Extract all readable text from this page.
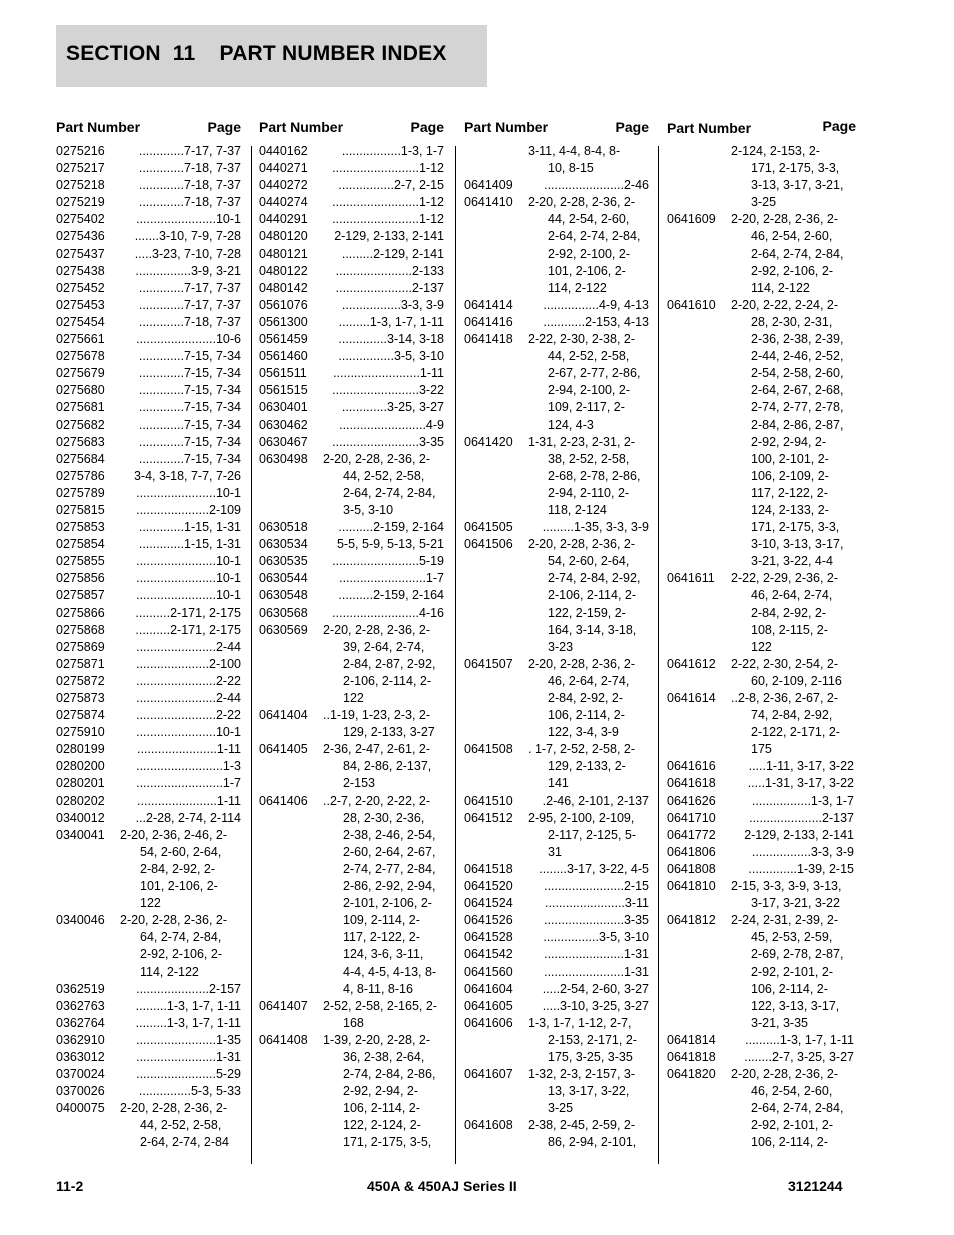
SECTION  11    PART NUMBER INDEX
Part Number	Page Part Number	Page Part Number	Page Part Number	Page
0275216	.............7-17, 7-37
0275217	.............7-18, 7-37
0275218	.............7-18, 7-37
0275219	.............7-18, 7-37
0275402	.......................10-1
0275436	.......3-10, 7-9, 7-28
0275437	.....3-23, 7-10, 7-28
0275438	................3-9, 3-21
0275452	.............7-17, 7-37
0275453	.............7-17, 7-37
0275454	.............7-18, 7-37
0275661	.......................10-6
0275678	.............7-15, 7-34
0275679	.............7-15, 7-34
0275680	.............7-15, 7-34
0275681	.............7-15, 7-34
0275682	.............7-15, 7-34
0275683	.............7-15, 7-34
0275684	.............7-15, 7-34
0275786	3-4, 3-18, 7-7, 7-26
0275789	.......................10-1
0275815	.....................2-109
0275853	.............1-15, 1-31
0275854	.............1-15, 1-31
0275855	.......................10-1
0275856	.......................10-1
0275857	.......................10-1
0275866	..........2-171, 2-175
0275868	..........2-171, 2-175
0275869	.......................2-44
0275871	.....................2-100
0275872	.......................2-22
0275873	.......................2-44
0275874	.......................2-22
0275910	.......................10-1
0280199	.......................1-11
0280200	.........................1-3
0280201	.........................1-7
0280202	.......................1-11
0340012	...2-28, 2-74, 2-114
0340041 2-20, 2-36, 2-46, 2-
54, 2-60, 2-64,
2-84, 2-92, 2-
101, 2-106, 2-
122
0340046 2-20, 2-28, 2-36, 2-
64, 2-74, 2-84,
2-92, 2-106, 2-
114, 2-122
0362519	.....................2-157
0362763	.........1-3, 1-7, 1-11
0362764	.........1-3, 1-7, 1-11
0362910	.......................1-35
0363012	.......................1-31
0370024	.......................5-29
0370026	...............5-3, 5-33
0400075 2-20, 2-28, 2-36, 2-
44, 2-52, 2-58,
2-64, 2-74, 2-84
0440162	.................1-3, 1-7
0440271	.........................1-12
0440272	................2-7, 2-15
0440274	.........................1-12
0440291	.........................1-12
0480120	2-129, 2-133, 2-141
0480121	.........2-129, 2-141
0480122	......................2-133
0480142	......................2-137
0561076	.................3-3, 3-9
0561300	.........1-3, 1-7, 1-11
0561459	..............3-14, 3-18
0561460	................3-5, 3-10
0561511	.........................1-11
0561515	.........................3-22
0630401	.............3-25, 3-27
0630462	.........................4-9
0630467	.........................3-35
0630498 2-20, 2-28, 2-36, 2-
44, 2-52, 2-58,
2-64, 2-74, 2-84,
3-5, 3-10
0630518	..........2-159, 2-164
0630534	5-5, 5-9, 5-13, 5-21
0630535	.........................5-19
0630544	.........................1-7
0630548	..........2-159, 2-164
0630568	.........................4-16
0630569 2-20, 2-28, 2-36, 2-
39, 2-64, 2-74,
2-84, 2-87, 2-92,
2-106, 2-114, 2-
122
0641404 ..1-19, 1-23, 2-3, 2-
129, 2-133, 3-27
0641405 2-36, 2-47, 2-61, 2-
84, 2-86, 2-137,
2-153
0641406 ..2-7, 2-20, 2-22, 2-
28, 2-30, 2-36,
2-38, 2-46, 2-54,
2-60, 2-64, 2-67,
2-74, 2-77, 2-84,
2-86, 2-92, 2-94,
2-101, 2-106, 2-
109, 2-114, 2-
117, 2-122, 2-
124, 3-6, 3-11,
4-4, 4-5, 4-13, 8-
4, 8-11, 8-16
0641407 2-52, 2-58, 2-165, 2-
168
0641408 1-39, 2-20, 2-28, 2-
36, 2-38, 2-64,
2-74, 2-84, 2-86,
2-92, 2-94, 2-
106, 2-114, 2-
122, 2-124, 2-
171, 2-175, 3-5,
3-11, 4-4, 8-4, 8-
10, 8-15
0641409	.......................2-46
0641410 2-20, 2-28, 2-36, 2-
44, 2-54, 2-60,
2-64, 2-74, 2-84,
2-92, 2-100, 2-
101, 2-106, 2-
114, 2-122
0641414	................4-9, 4-13
0641416	............2-153, 4-13
0641418 2-22, 2-30, 2-38, 2-
44, 2-52, 2-58,
2-67, 2-77, 2-86,
2-94, 2-100, 2-
109, 2-117, 2-
124, 4-3
0641420 1-31, 2-23, 2-31, 2-
38, 2-52, 2-58,
2-68, 2-78, 2-86,
2-94, 2-110, 2-
118, 2-124
0641505	.........1-35, 3-3, 3-9
0641506 2-20, 2-28, 2-36, 2-
54, 2-60, 2-64,
2-74, 2-84, 2-92,
2-106, 2-114, 2-
122, 2-159, 2-
164, 3-14, 3-18,
3-23
0641507 2-20, 2-28, 2-36, 2-
46, 2-64, 2-74,
2-84, 2-92, 2-
106, 2-114, 2-
122, 3-4, 3-9
0641508 . 1-7, 2-52, 2-58, 2-
129, 2-133, 2-
141
0641510	.2-46, 2-101, 2-137
0641512 2-95, 2-100, 2-109,
2-117, 2-125, 5-
31
0641518	........3-17, 3-22, 4-5
0641520	.......................2-15
0641524	.......................3-11
0641526	.......................3-35
0641528	................3-5, 3-10
0641542	.......................1-31
0641560	.......................1-31
0641604	.....2-54, 2-60, 3-27
0641605	.....3-10, 3-25, 3-27
0641606 1-3, 1-7, 1-12, 2-7,
2-153, 2-171, 2-
175, 3-25, 3-35
0641607 1-32, 2-3, 2-157, 3-
13, 3-17, 3-22,
3-25
0641608 2-38, 2-45, 2-59, 2-
86, 2-94, 2-101,
2-124, 2-153, 2-
171, 2-175, 3-3,
3-13, 3-17, 3-21,
3-25
0641609 2-20, 2-28, 2-36, 2-
46, 2-54, 2-60,
2-64, 2-74, 2-84,
2-92, 2-106, 2-
114, 2-122
0641610 2-20, 2-22, 2-24, 2-
28, 2-30, 2-31,
2-36, 2-38, 2-39,
2-44, 2-46, 2-52,
2-54, 2-58, 2-60,
2-64, 2-67, 2-68,
2-74, 2-77, 2-78,
2-84, 2-86, 2-87,
2-92, 2-94, 2-
100, 2-101, 2-
106, 2-109, 2-
117, 2-122, 2-
124, 2-133, 2-
171, 2-175, 3-3,
3-10, 3-13, 3-17,
3-21, 3-22, 4-4
0641611 2-22, 2-29, 2-36, 2-
46, 2-64, 2-74,
2-84, 2-92, 2-
108, 2-115, 2-
122
0641612 2-22, 2-30, 2-54, 2-
60, 2-109, 2-116
0641614 ..2-8, 2-36, 2-67, 2-
74, 2-84, 2-92,
2-122, 2-171, 2-
175
0641616	.....1-11, 3-17, 3-22
0641618	.....1-31, 3-17, 3-22
0641626	.................1-3, 1-7
0641710	.....................2-137
0641772	2-129, 2-133, 2-141
0641806	.................3-3, 3-9
0641808	..............1-39, 2-15
0641810 2-15, 3-3, 3-9, 3-13,
3-17, 3-21, 3-22
0641812 2-24, 2-31, 2-39, 2-
45, 2-53, 2-59,
2-69, 2-78, 2-87,
2-92, 2-101, 2-
106, 2-114, 2-
122, 3-13, 3-17,
3-21, 3-35
0641814	..........1-3, 1-7, 1-11
0641818	........2-7, 3-25, 3-27
0641820 2-20, 2-28, 2-36, 2-
46, 2-54, 2-60,
2-64, 2-74, 2-84,
2-92, 2-101, 2-
106, 2-114, 2-
11-2	450A & 450AJ Series II	3121244
